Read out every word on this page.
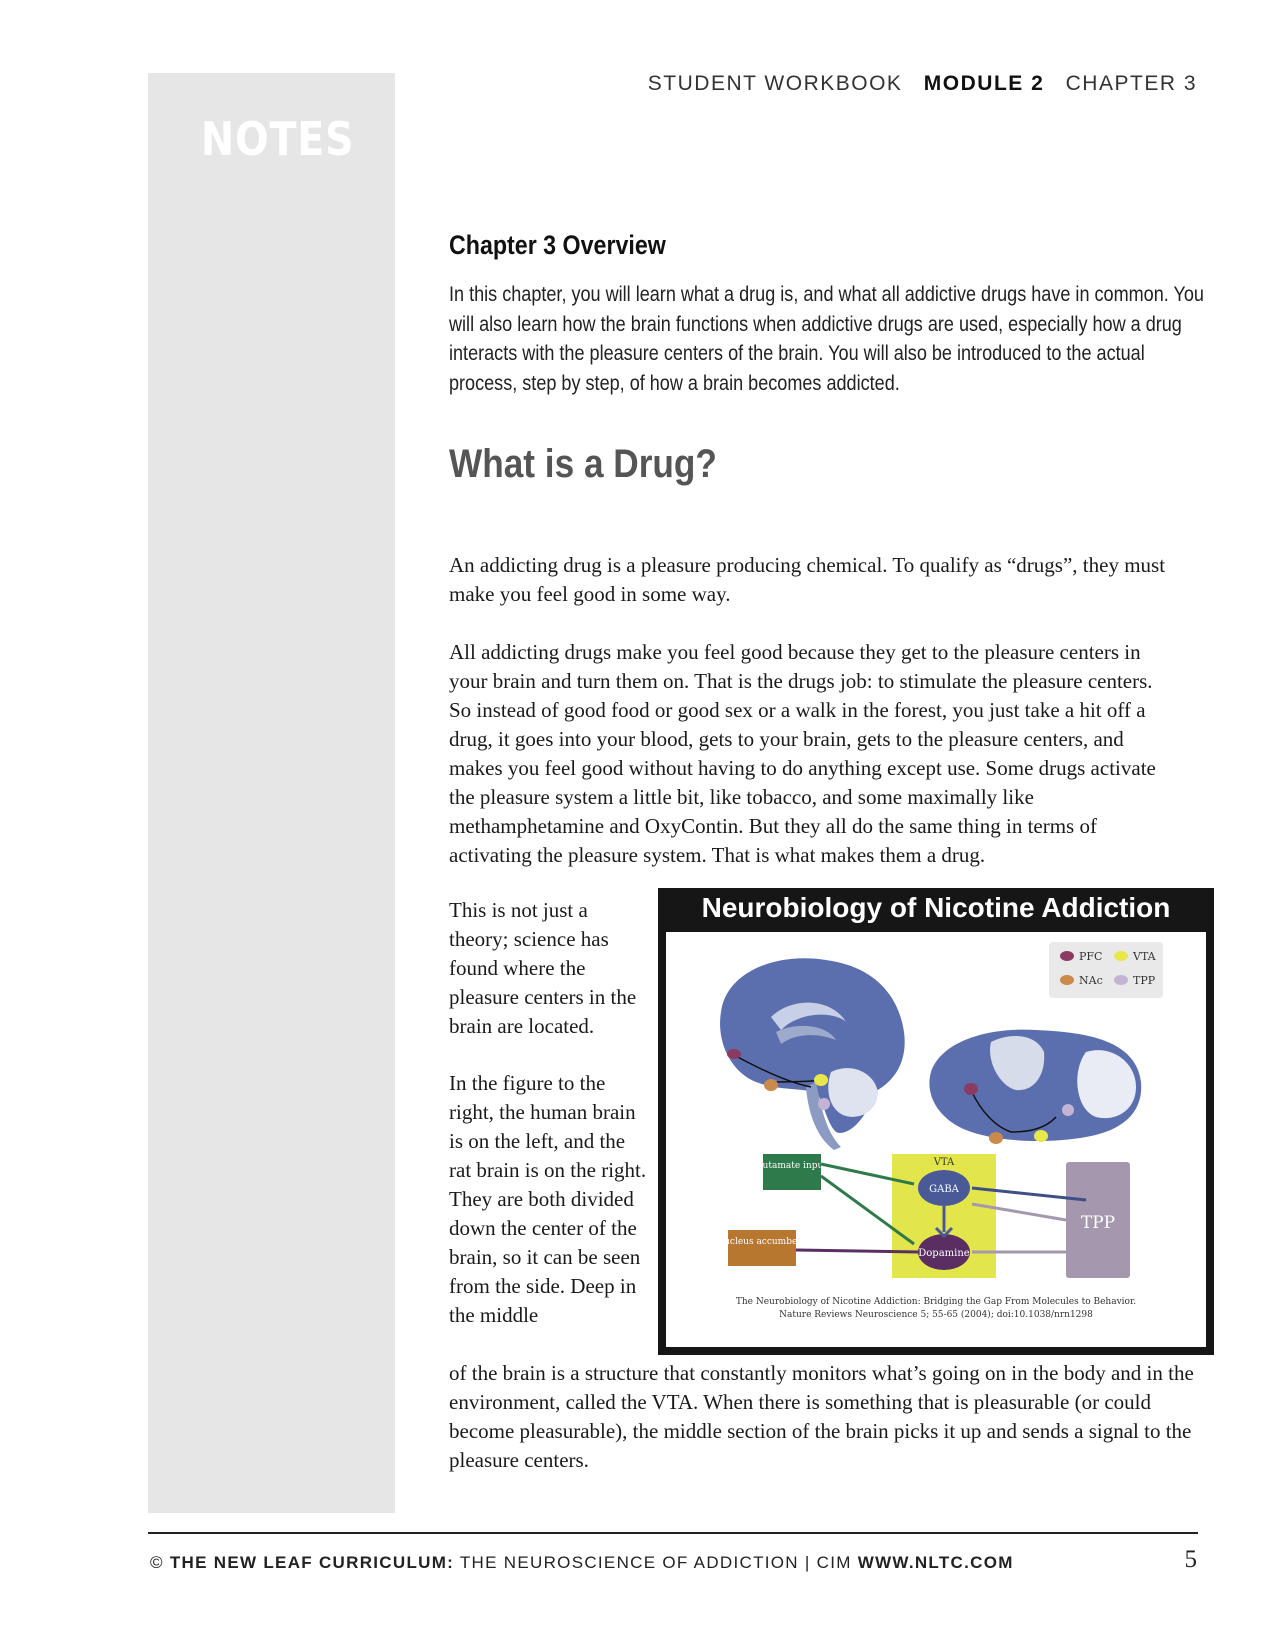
NOTES
STUDENT WORKBOOK MODULE 2 CHAPTER 3
Chapter 3 Overview

In this chapter, you will learn what a drug is, and what all addictive drugs have in common. You will also learn how the brain functions when addictive drugs are used, especially how a drug interacts with the pleasure centers of the brain. You will also be introduced to the actual process, step by step, of how a brain becomes addicted.

What is a Drug?

An addicting drug is a pleasure producing chemical. To qualify as “drugs”, they must make you feel good in some way.

All addicting drugs make you feel good because they get to the pleasure centers in your brain and turn them on. That is the drugs job: to stimulate the pleasure centers. So instead of good food or good sex or a walk in the forest, you just take a hit off a drug, it goes into your blood, gets to your brain, gets to the pleasure centers, and makes you feel good without having to do anything except use. Some drugs activate the pleasure system a little bit, like tobacco, and some maximally like methamphetamine and OxyContin. But they all do the same thing in terms of activating the pleasure system. That is what makes them a drug.

This is not just a theory; science has found where the pleasure centers in the brain are located.

In the figure to the right, the human brain is on the left, and the rat brain is on the right. They are both divided down the center of the brain, so it can be seen from the side. Deep in the middle

of the brain is a structure that constantly monitors what’s going on in the body and in the environment, called the VTA. When there is something that is pleasurable (or could become pleasurable), the middle section of the brain picks it up and sends a signal to the pleasure centers.

Neurobiology of Nicotine Addiction
PFC	VTA
NAc	TPP
VTA
GABA
Dopamine
TPP
Glutamate inputs
Nucleus accumbens
The Neurobiology of Nicotine Addiction: Bridging the Gap From Molecules to Behavior.
Nature Reviews Neuroscience 5; 55-65 (2004); doi:10.1038/nrn1298
© THE NEW LEAF CURRICULUM: THE NEUROSCIENCE OF ADDICTION | CIM WWW.NLTC.COM	5
